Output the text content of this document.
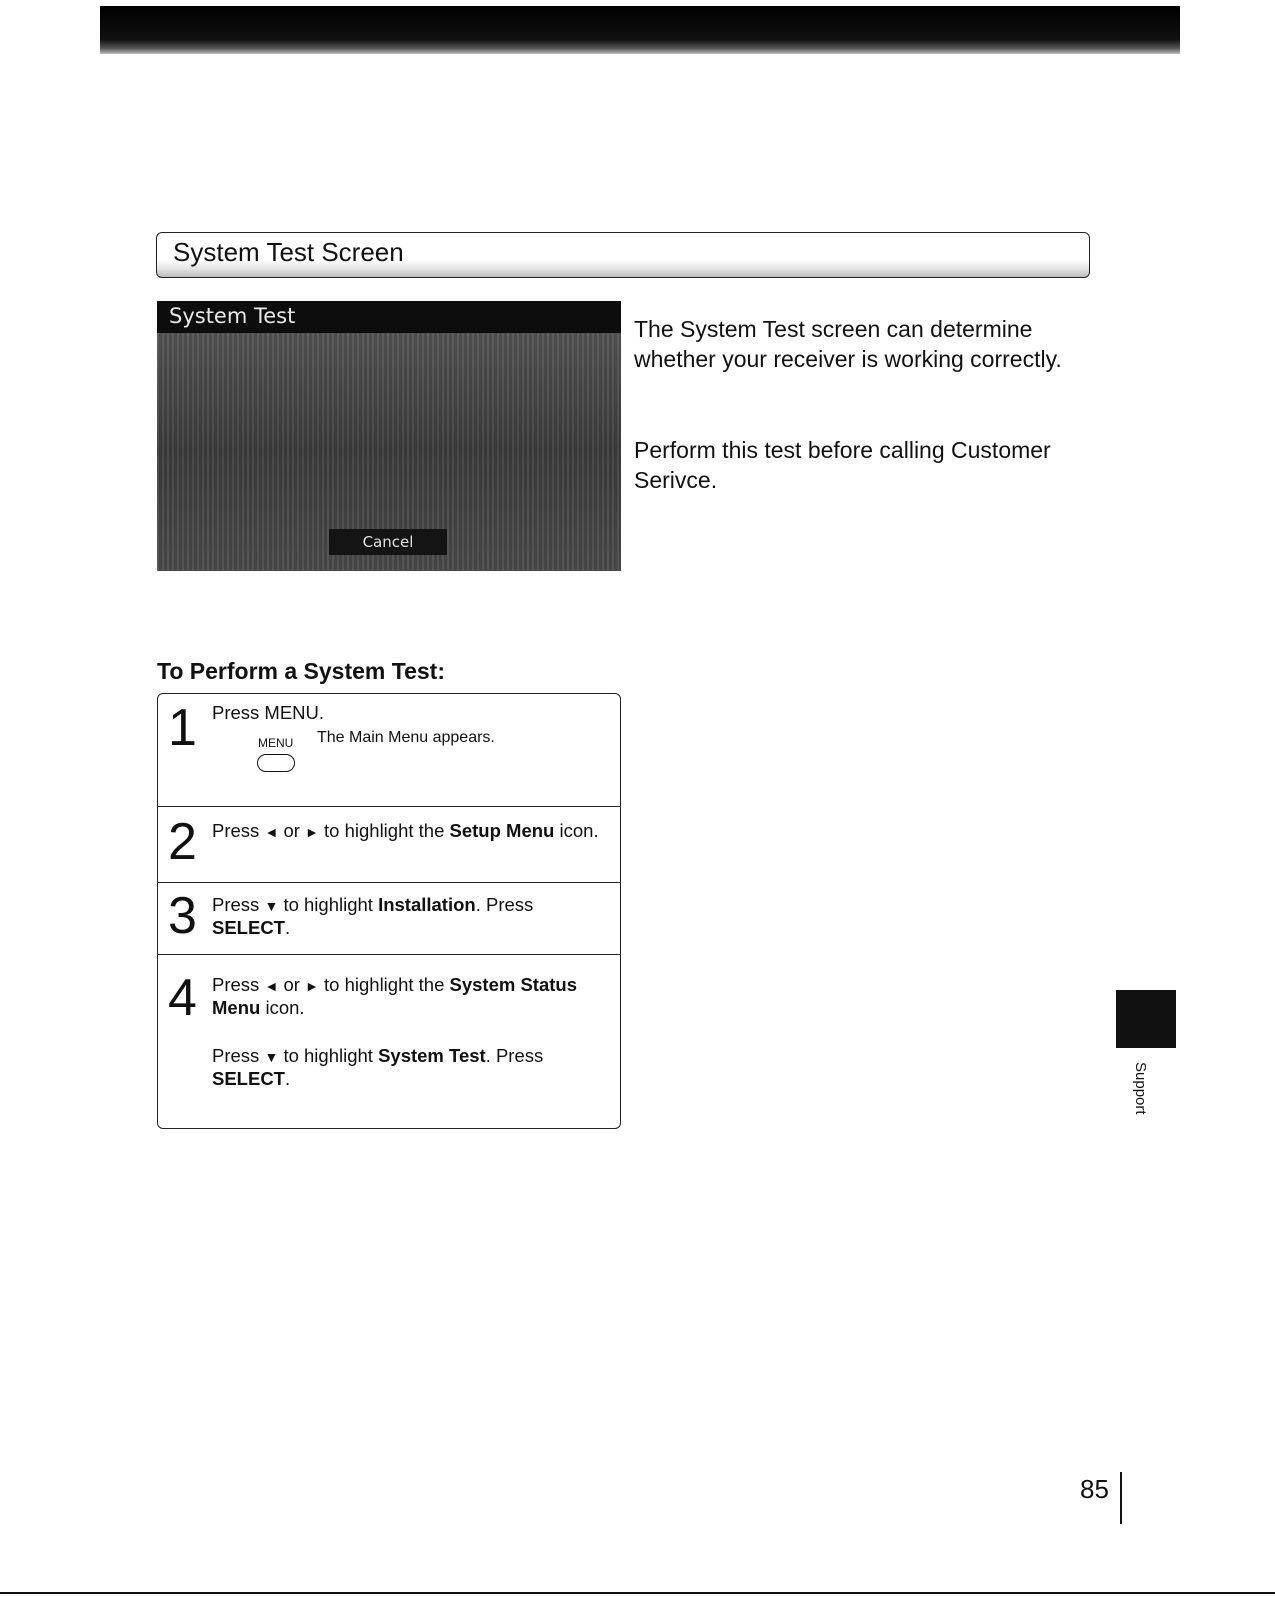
System Test Screen
System Test
Cancel
The System Test screen can determine whether your receiver is working correctly.
Perform this test before calling Customer Serivce.
To Perform a System Test:
1 Press MENU.
MENU The Main Menu appears.
2 Press ◄ or ► to highlight the Setup Menu icon.
3 Press ▼ to highlight Installation. Press SELECT.
4 Press ◄ or ► to highlight the System Status Menu icon.
Press ▼ to highlight System Test. Press SELECT.	Support
85
